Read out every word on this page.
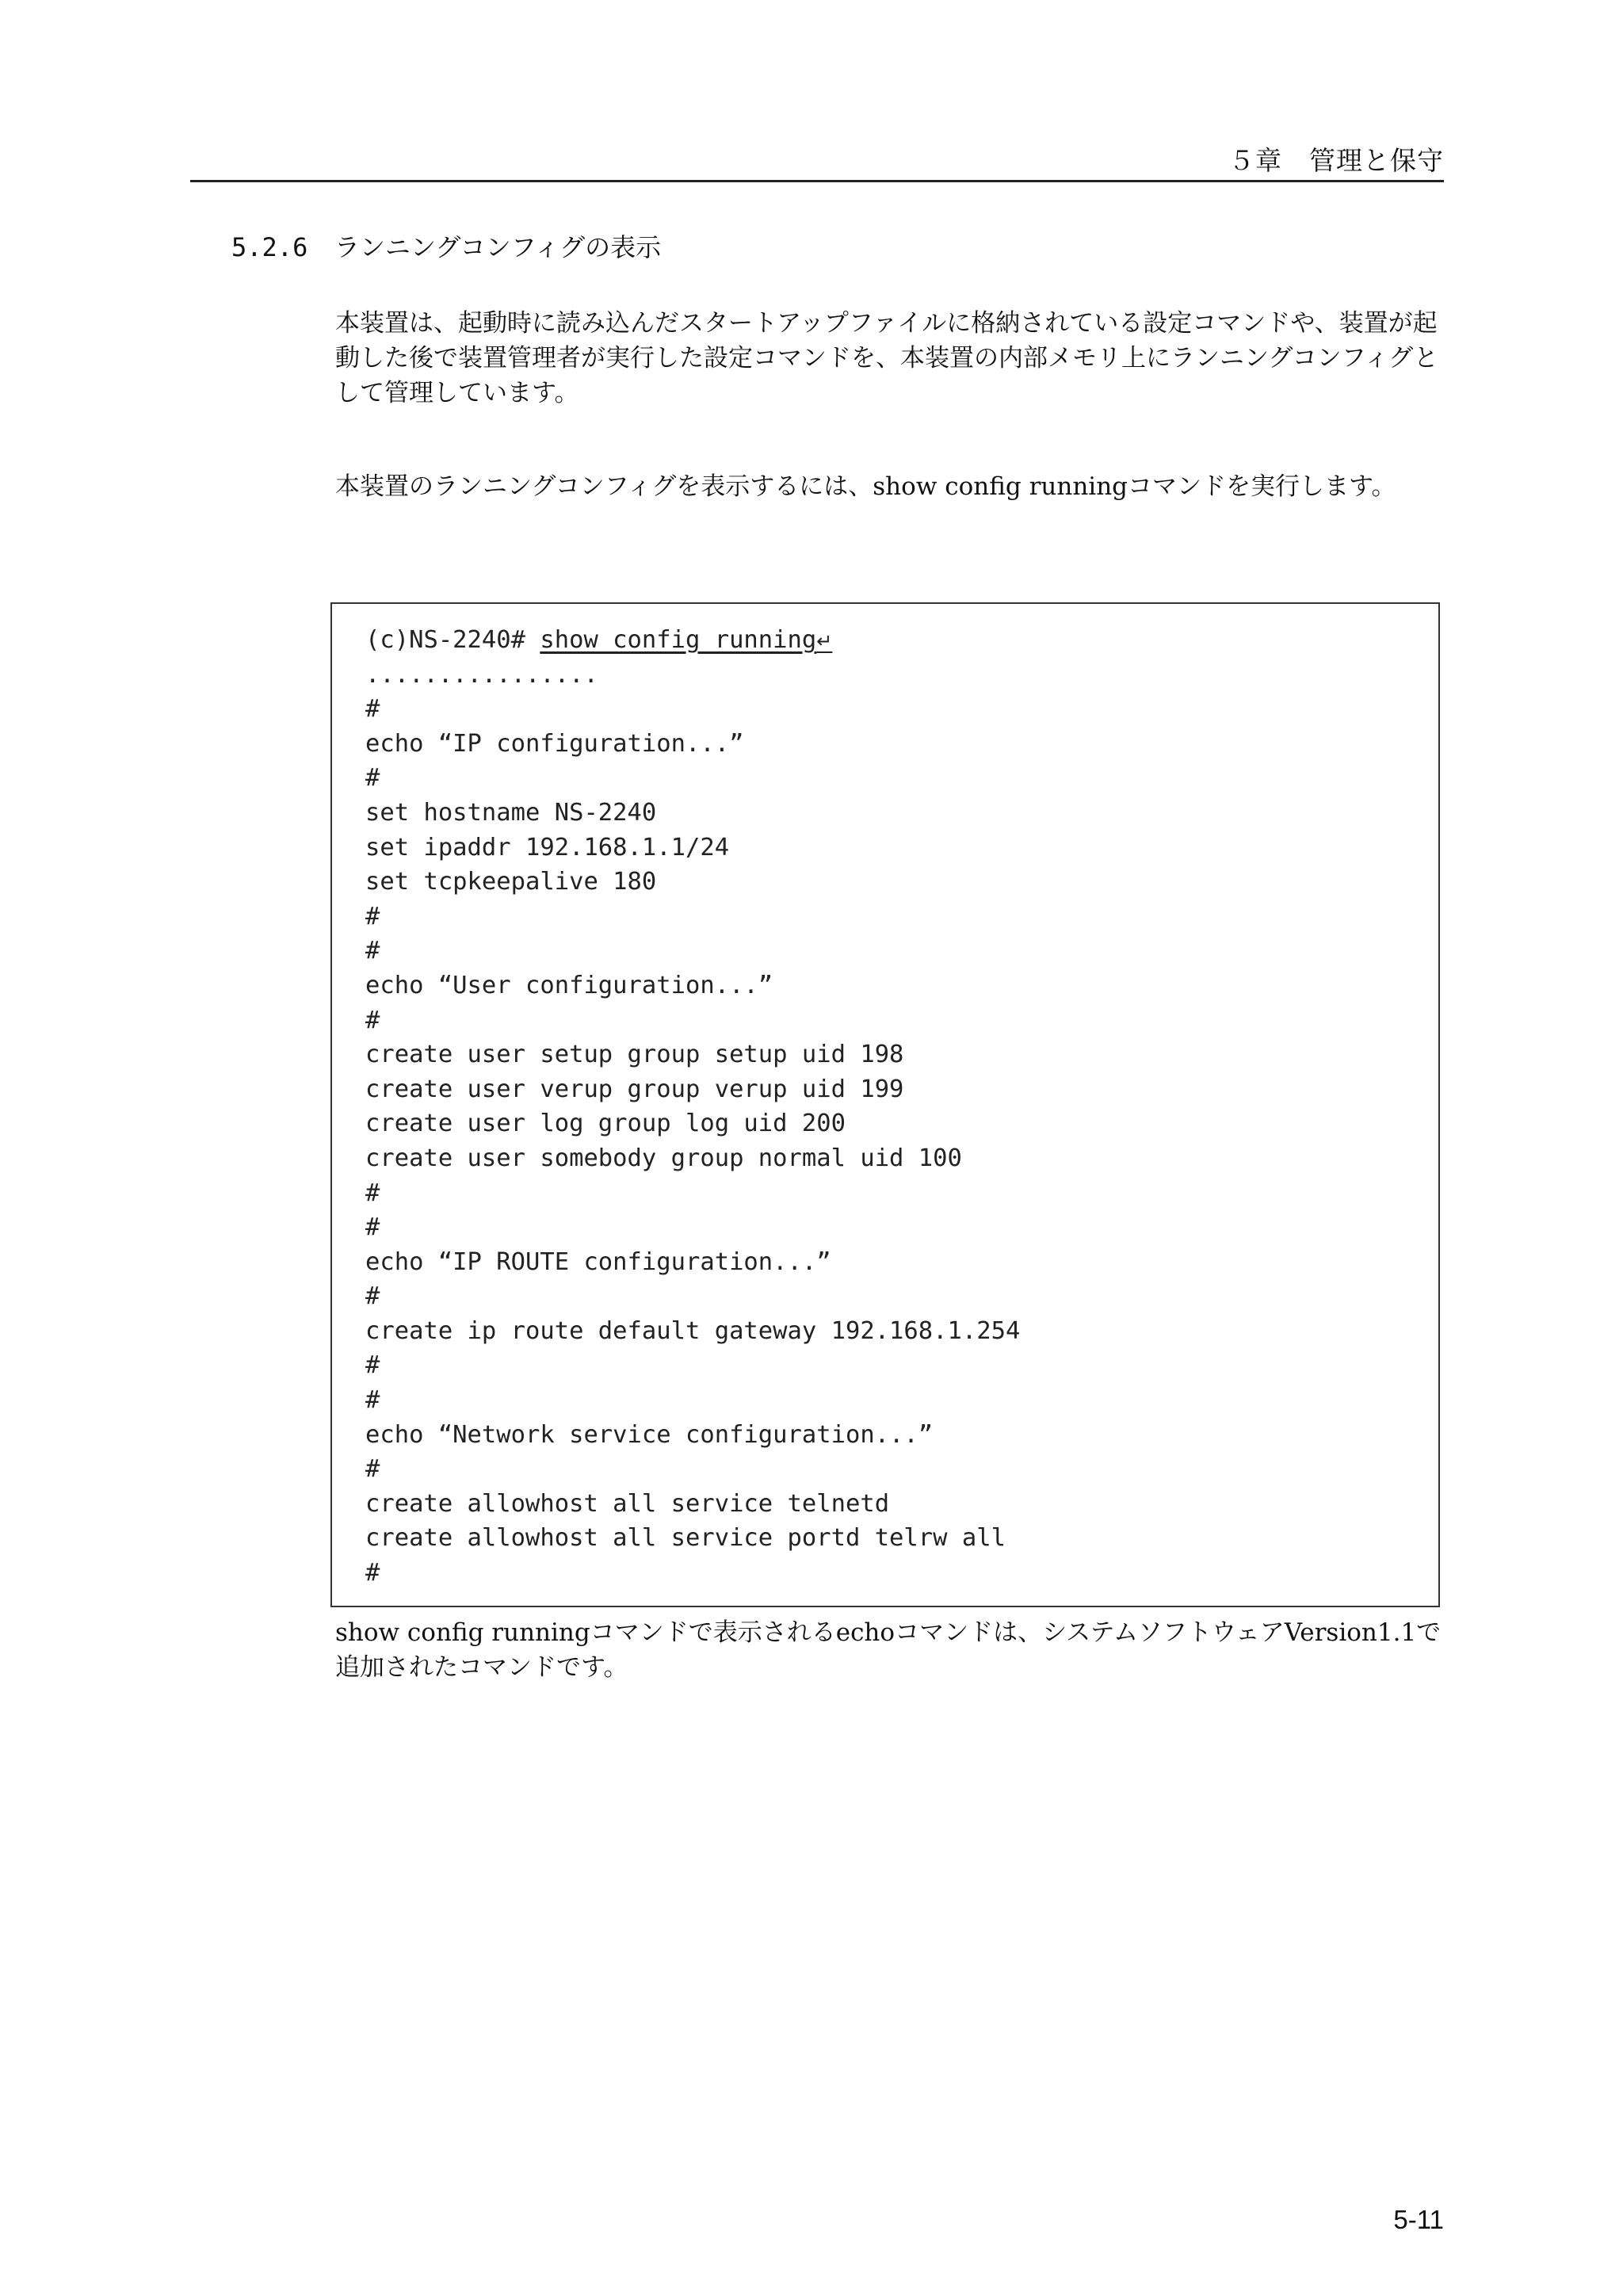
５章　管理と保守
5.2.6 ランニングコンフィグの表示

本装置は、起動時に読み込んだスタートアップファイルに格納されている設定コマンドや、装置が起動した後で装置管理者が実行した設定コマンドを、本装置の内部メモリ上にランニングコンフィグとして管理しています。

本装置のランニングコンフィグを表示するには、show config runningコマンドを実行します。

(c)NS-2240# show config running↵
................
#
echo “IP configuration...”
#
set hostname NS-2240
set ipaddr 192.168.1.1/24
set tcpkeepalive 180
#
#
echo “User configuration...”
#
create user setup group setup uid 198
create user verup group verup uid 199
create user log group log uid 200
create user somebody group normal uid 100
#
#
echo “IP ROUTE configuration...”
#
create ip route default gateway 192.168.1.254
#
#
echo “Network service configuration...”
#
create allowhost all service telnetd
create allowhost all service portd telrw all
#

show config runningコマンドで表示されるechoコマンドは、システムソフトウェアVersion1.1で追加されたコマンドです。

5-11
